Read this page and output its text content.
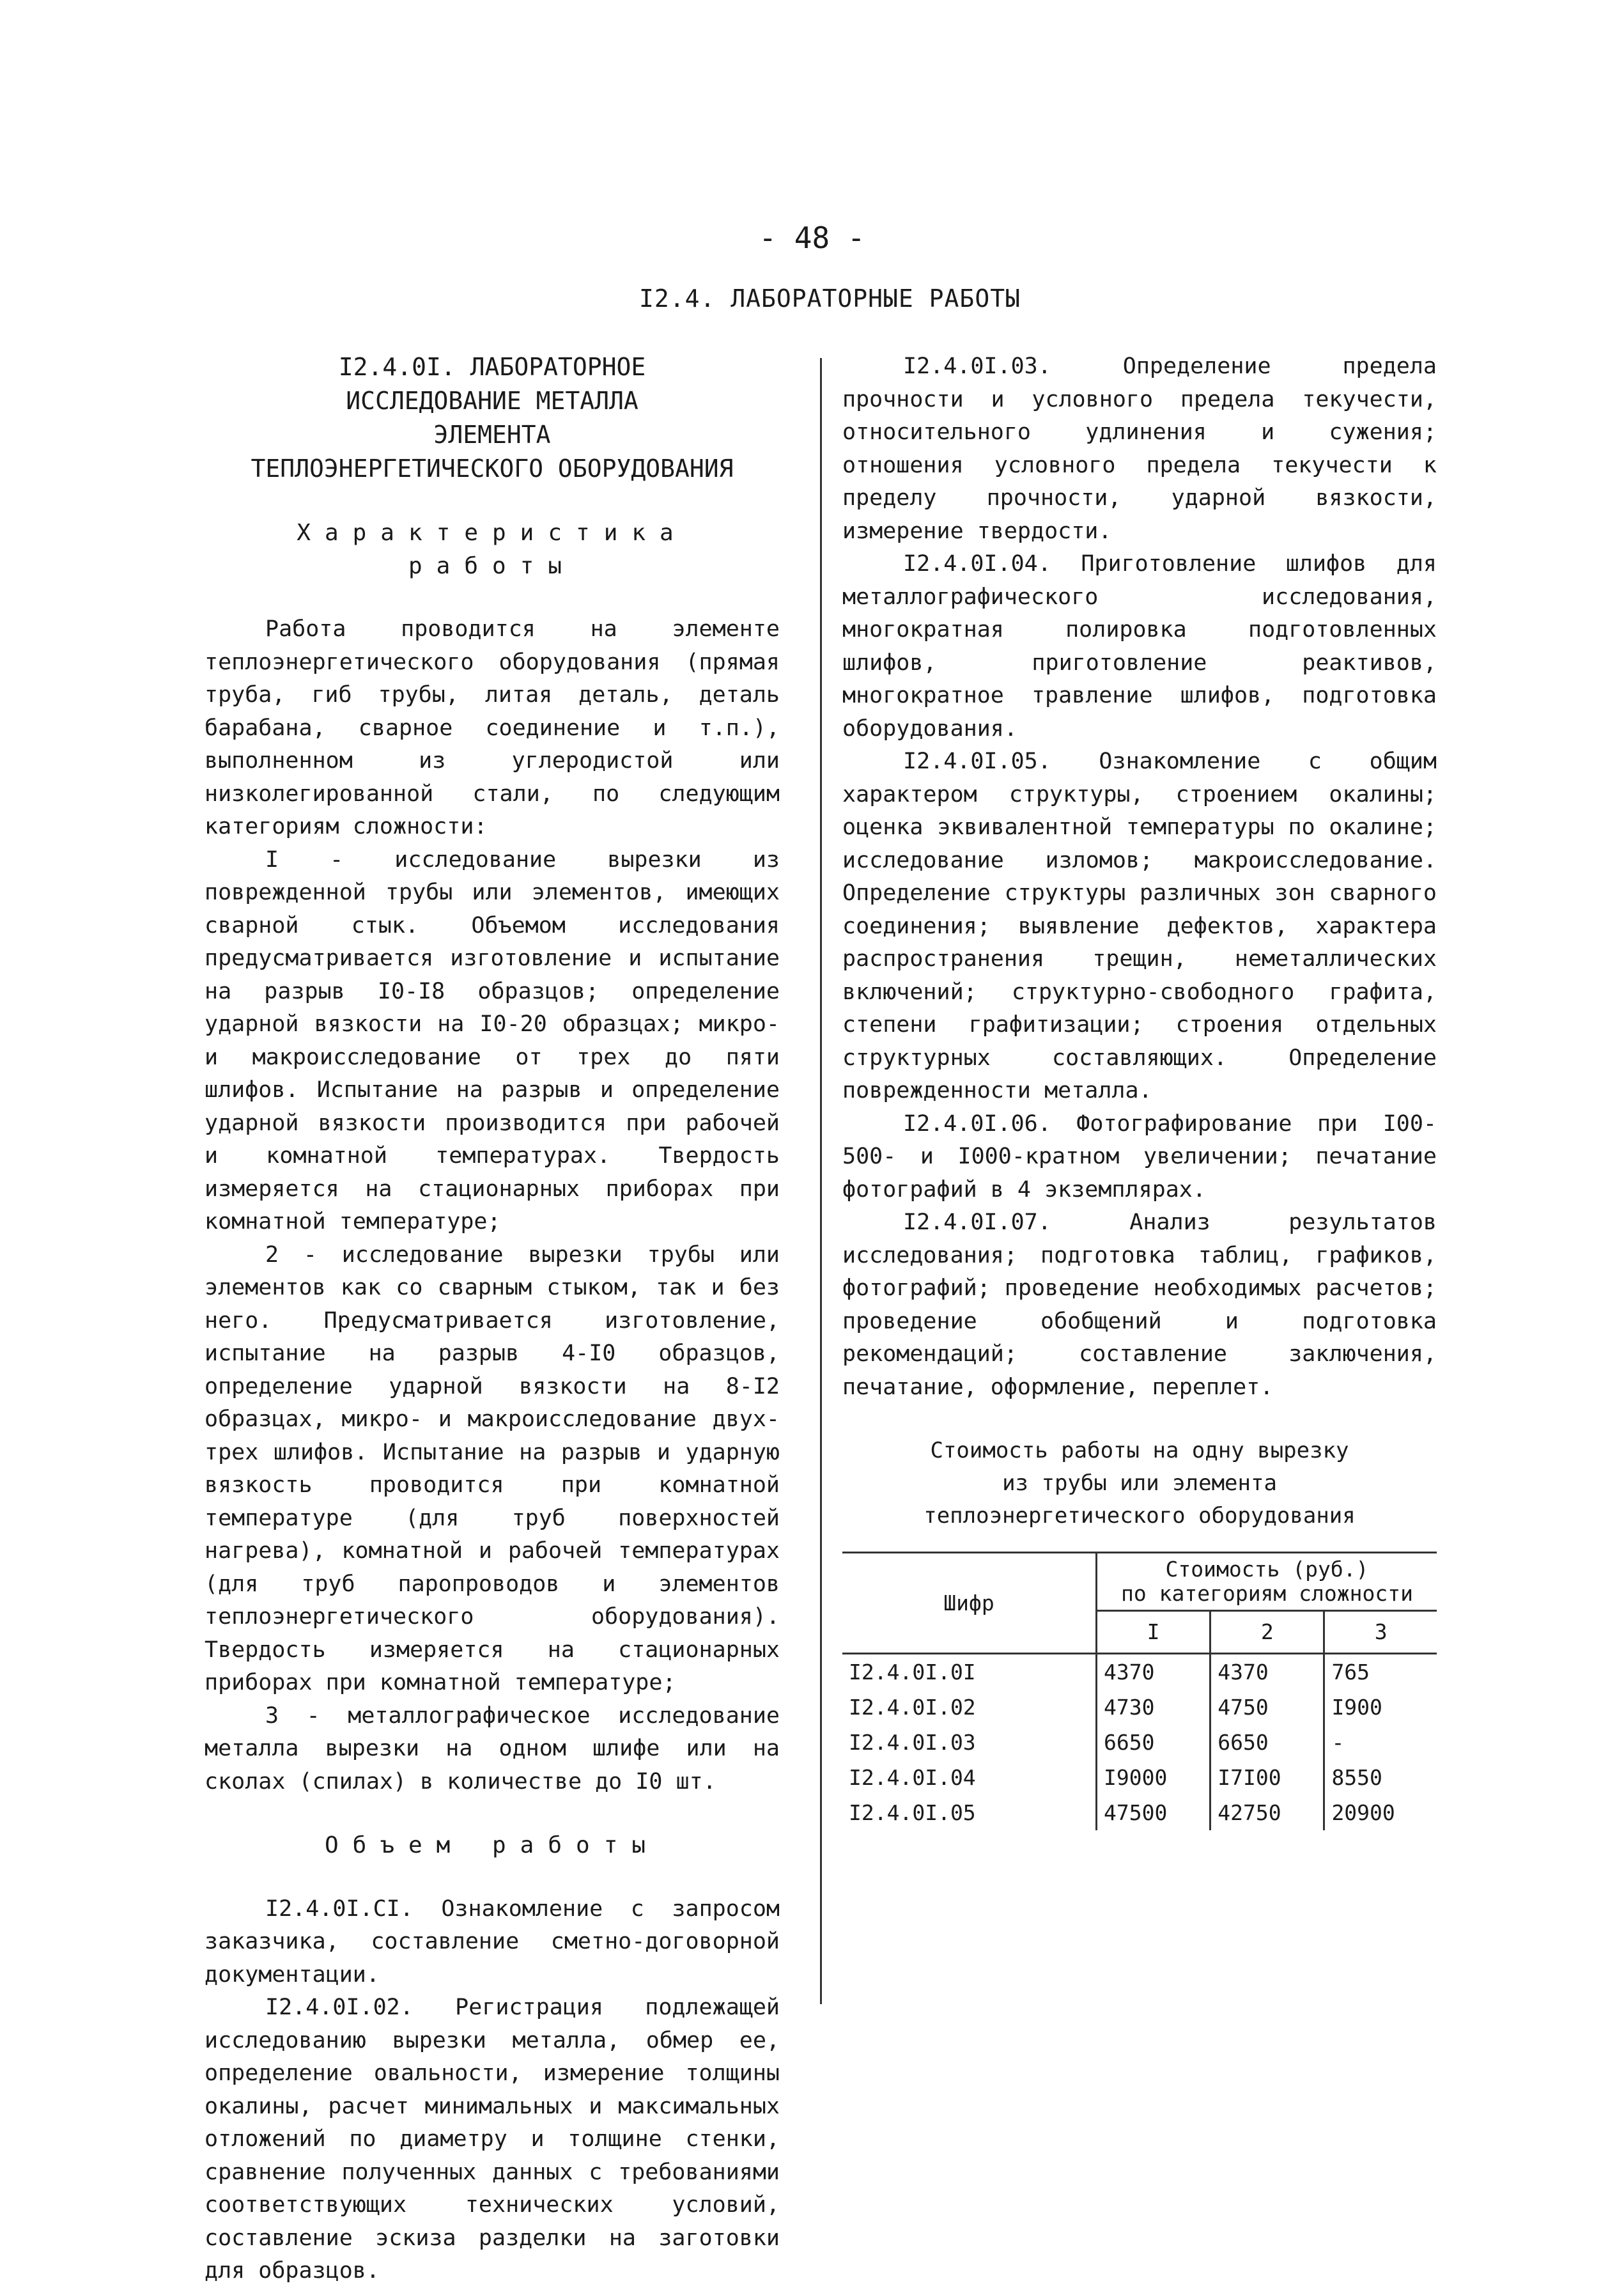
- 48 -
I2.4. ЛАБОРАТОРНЫЕ РАБОТЫ
I2.4.0I. ЛАБОРАТОРНОЕ
ИССЛЕДОВАНИЕ МЕТАЛЛА
ЭЛЕМЕНТА
ТЕПЛОЭНЕРГЕТИЧЕСКОГО ОБОРУДОВАНИЯ
Характеристика
работы

Работа проводится на элементе теплоэнергетического оборудования (прямая труба, гиб трубы, литая деталь, деталь барабана, сварное соединение и т.п.), выполненном из углеродистой или низколегированной стали, по следующим категориям сложности:

I - исследование вырезки из поврежденной трубы или элементов, имеющих сварной стык. Объемом исследования предусматривается изготовление и испытание на разрыв I0-I8 образцов; определение ударной вязкости на I0-20 образцах; микро- и макроисследование от трех до пяти шлифов. Испытание на разрыв и определение ударной вязкости производится при рабочей и комнатной температурах. Твердость измеряется на стационарных приборах при комнатной температуре;

2 - исследование вырезки трубы или элементов как со сварным стыком, так и без него. Предусматривается изготовление, испытание на разрыв 4-I0 образцов, определение ударной вязкости на 8-I2 образцах, микро- и макроисследование двух-трех шлифов. Испытание на разрыв и ударную вязкость проводится при комнатной температуре (для труб поверхностей нагрева), комнатной и рабочей температурах (для труб паропроводов и элементов теплоэнергетического оборудования). Твердость измеряется на стационарных приборах при комнатной температуре;

3 - металлографическое исследование металла вырезки на одном шлифе или на сколах (спилах) в количестве до I0 шт.

Объем работы

I2.4.0I.CI. Ознакомление с запросом заказчика, составление сметно-договорной документации.

I2.4.0I.02. Регистрация подлежащей исследованию вырезки металла, обмер ее, определение овальности, измерение толщины окалины, расчет минимальных и максимальных отложений по диаметру и толщине стенки, сравнение полученных данных с требованиями соответствующих технических условий, составление эскиза разделки на заготовки для образцов.

I2.4.0I.03. Определение предела прочности и условного предела текучести, относительного удлинения и сужения; отношения условного предела текучести к пределу прочности, ударной вязкости, измерение твердости.

I2.4.0I.04. Приготовление шлифов для металлографического исследования, многократная полировка подготовленных шлифов, приготовление реактивов, многократное травление шлифов, подготовка оборудования.

I2.4.0I.05. Ознакомление с общим характером структуры, строением окалины; оценка эквивалентной температуры по окалине; исследование изломов; макроисследование. Определение структуры различных зон сварного соединения; выявление дефектов, характера распространения трещин, неметаллических включений; структурно-свободного графита, степени графитизации; строения отдельных структурных составляющих. Определение поврежденности металла.

I2.4.0I.06. Фотографирование при I00-500- и I000-кратном увеличении; печатание фотографий в 4 экземплярах.

I2.4.0I.07. Анализ результатов исследования; подготовка таблиц, графиков, фотографий; проведение необходимых расчетов; проведение обобщений и подготовка рекомендаций; составление заключения, печатание, оформление, переплет.

Стоимость работы на одну вырезку
из трубы или элемента
теплоэнергетического оборудования
Шифр	Стоимость (руб.)
по категориям сложности		

	I	2	3
I2.4.0I.0I	4370	4370	765
I2.4.0I.02	4730	4750	I900
I2.4.0I.03	6650	6650	-
I2.4.0I.04	I9000	I7I00	8550
I2.4.0I.05	47500	42750	20900
